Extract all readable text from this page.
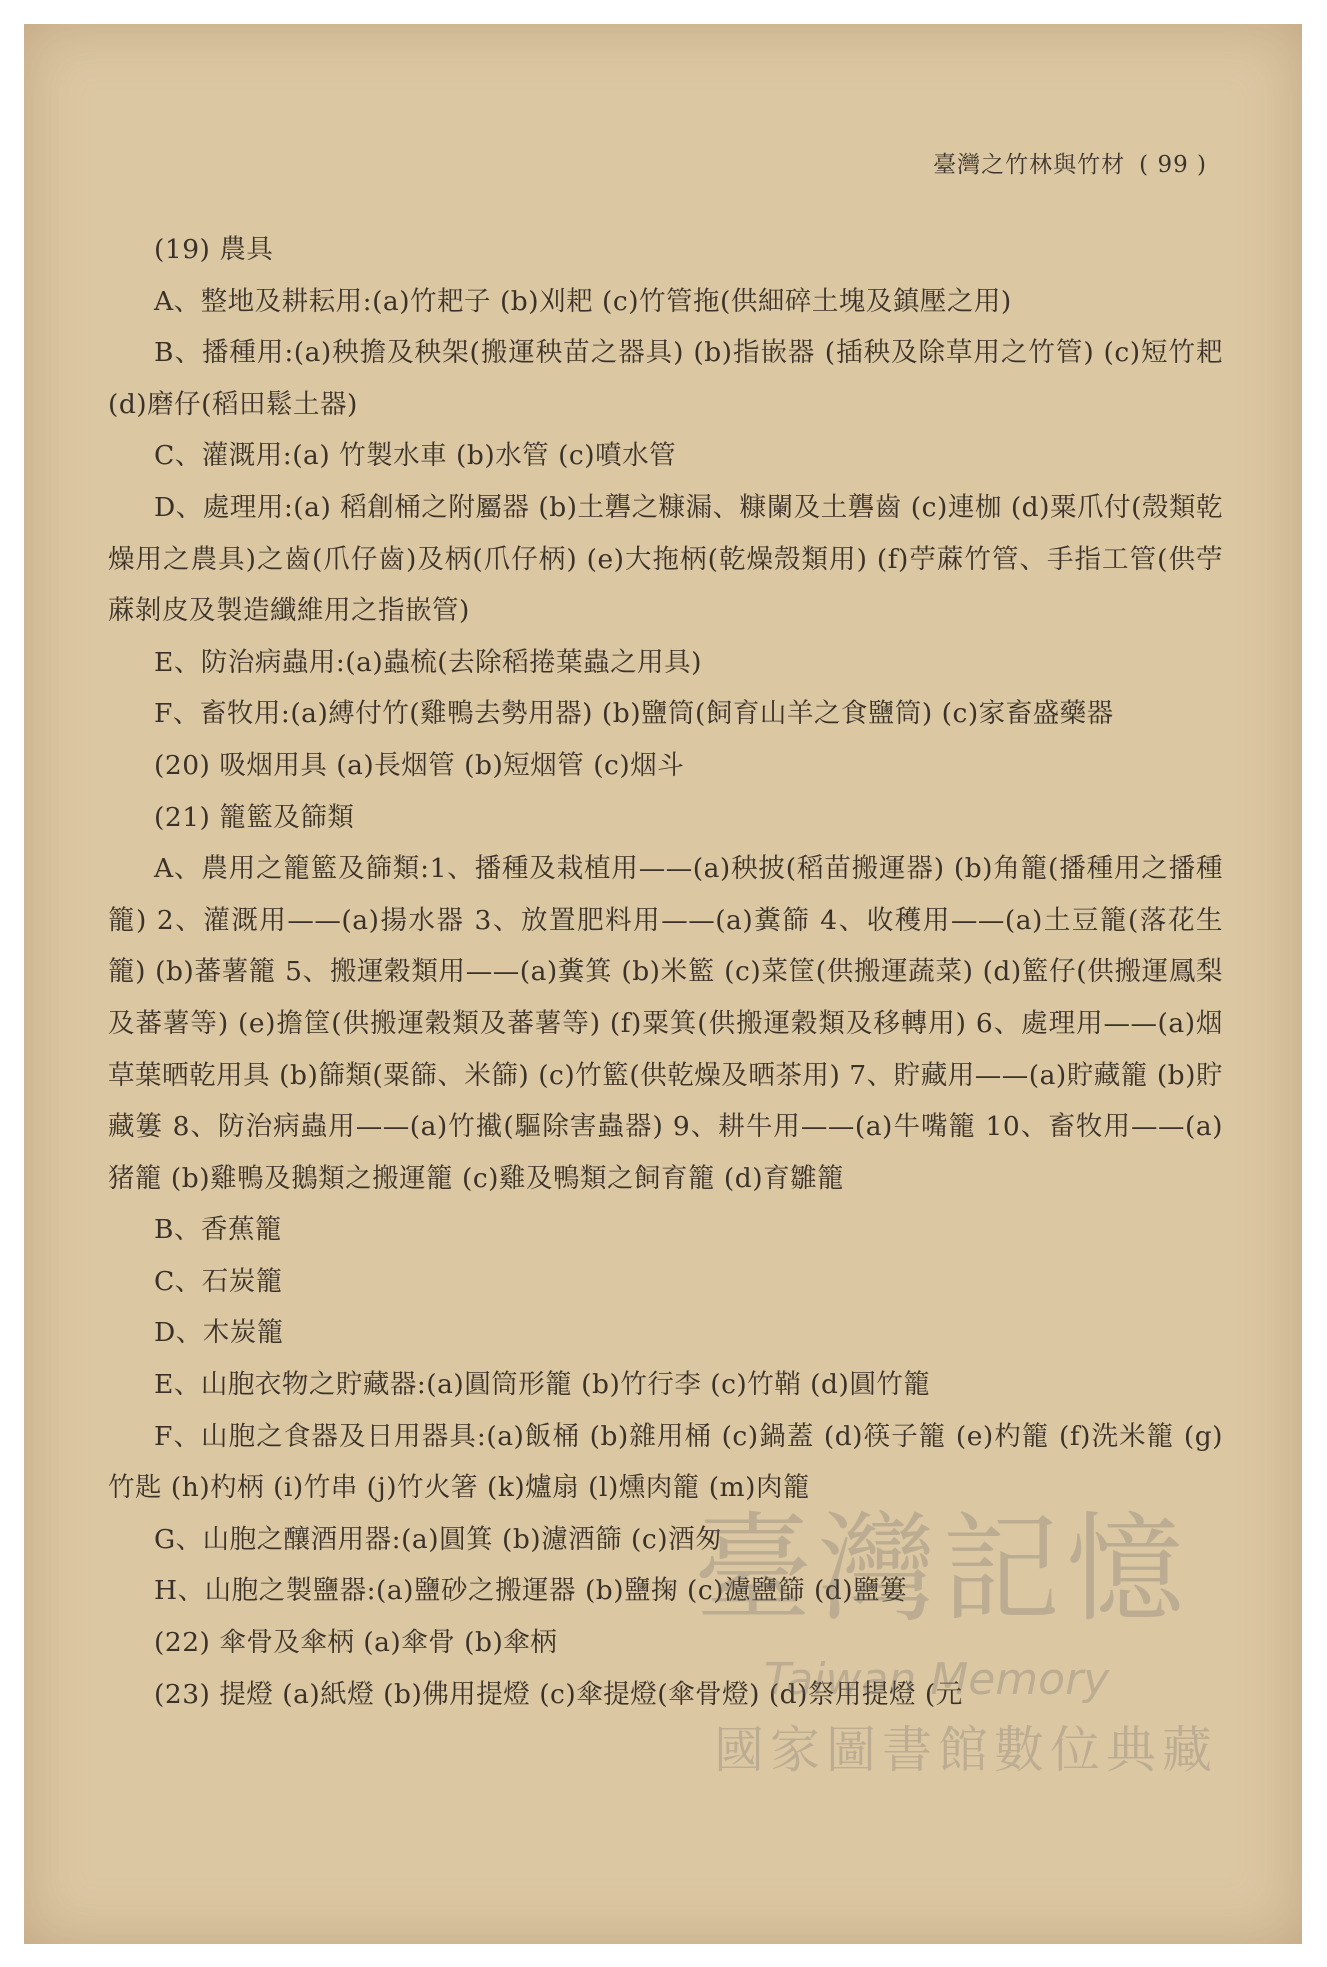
臺灣之竹林與竹材 ( 99 )

(19) 農具

A、整地及耕耘用:(a)竹耙子 (b)刈耙 (c)竹管拖(供細碎土塊及鎮壓之用)

B、播種用:(a)秧擔及秧架(搬運秧苗之器具) (b)指嵌器 (插秧及除草用之竹管) (c)短竹耙 (d)磨仔(稻田鬆土器)

C、灌溉用:(a) 竹製水車 (b)水管 (c)噴水管

D、處理用:(a) 稻創桶之附屬器 (b)土礱之糠漏、糠闌及土礱齒 (c)連枷 (d)粟爪付(殼類乾燥用之農具)之齒(爪仔齒)及柄(爪仔柄) (e)大拖柄(乾燥殼類用) (f)苧蔴竹管、手指工管(供苧蔴剝皮及製造纖維用之指嵌管)

E、防治病蟲用:(a)蟲梳(去除稻捲葉蟲之用具)

F、畜牧用:(a)縛付竹(雞鴨去勢用器) (b)鹽筒(飼育山羊之食鹽筒) (c)家畜盛藥器

(20) 吸烟用具 (a)長烟管 (b)短烟管 (c)烟斗

(21) 籠籃及篩類

A、農用之籠籃及篩類:1、播種及栽植用——(a)秧披(稻苗搬運器) (b)角籠(播種用之播種籠) 2、灌溉用——(a)揚水器 3、放置肥料用——(a)糞篩 4、收穫用——(a)土豆籠(落花生籠) (b)蕃薯籠 5、搬運穀類用——(a)糞箕 (b)米籃 (c)菜筐(供搬運蔬菜) (d)籃仔(供搬運鳳梨及蕃薯等) (e)擔筐(供搬運穀類及蕃薯等) (f)粟箕(供搬運穀類及移轉用) 6、處理用——(a)烟草葉晒乾用具 (b)篩類(粟篩、米篩) (c)竹籃(供乾燥及晒茶用) 7、貯藏用——(a)貯藏籠 (b)貯藏簍 8、防治病蟲用——(a)竹擮(驅除害蟲器) 9、耕牛用——(a)牛嘴籠 10、畜牧用——(a)猪籠 (b)雞鴨及鵝類之搬運籠 (c)雞及鴨類之飼育籠 (d)育雛籠

B、香蕉籠

C、石炭籠

D、木炭籠

E、山胞衣物之貯藏器:(a)圓筒形籠 (b)竹行李 (c)竹鞘 (d)圓竹籠

F、山胞之食器及日用器具:(a)飯桶 (b)雜用桶 (c)鍋蓋 (d)筷子籠 (e)杓籠 (f)洗米籠 (g)竹匙 (h)杓柄 (i)竹串 (j)竹火箸 (k)爐扇 (l)燻肉籠 (m)肉籠

G、山胞之釀酒用器:(a)圓箕 (b)濾酒篩 (c)酒匆

H、山胞之製鹽器:(a)鹽砂之搬運器 (b)鹽掬 (c)濾鹽篩 (d)鹽簍

(22) 傘骨及傘柄 (a)傘骨 (b)傘柄

(23) 提燈 (a)紙燈 (b)佛用提燈 (c)傘提燈(傘骨燈) (d)祭用提燈 (元

臺灣記憶
Taiwan Memory
國家圖書館數位典藏
